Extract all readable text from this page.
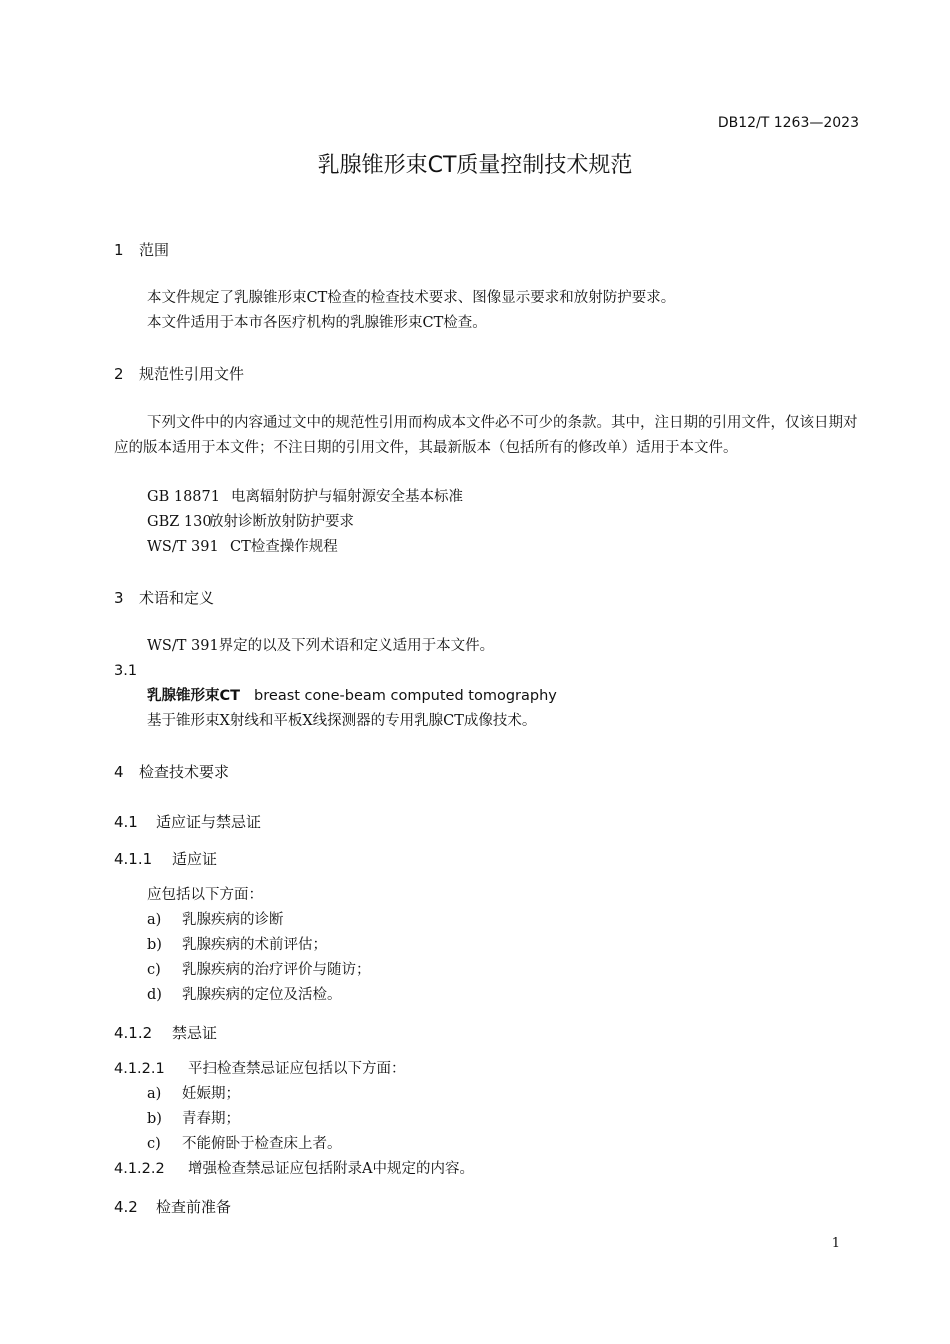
DB12/T 1263—2023
乳腺锥形束CT质量控制技术规范
1 范围
本文件规定了乳腺锥形束CT检查的检查技术要求、图像显示要求和放射防护要求。
本文件适用于本市各医疗机构的乳腺锥形束CT检查。
2 规范性引用文件
下列文件中的内容通过文中的规范性引用而构成本文件必不可少的条款。其中，注日期的引用文件，仅该日期对应的版本适用于本文件；不注日期的引用文件，其最新版本（包括所有的修改单）适用于本文件。
GB 18871 电离辐射防护与辐射源安全基本标准
GBZ 130放射诊断放射防护要求
WS/T 391 CT检查操作规程
3 术语和定义
WS/T 391界定的以及下列术语和定义适用于本文件。
3.1
乳腺锥形束CT breast cone-beam computed tomography
基于锥形束X射线和平板X线探测器的专用乳腺CT成像技术。
4 检查技术要求
4.1 适应证与禁忌证
4.1.1 适应证
应包括以下方面：
a) 乳腺疾病的诊断
b) 乳腺疾病的术前评估；
c) 乳腺疾病的治疗评价与随访；
d) 乳腺疾病的定位及活检。
4.1.2 禁忌证
4.1.2.1 平扫检查禁忌证应包括以下方面：
a) 妊娠期；
b) 青春期；
c) 不能俯卧于检查床上者。
4.1.2.2 增强检查禁忌证应包括附录A中规定的内容。
4.2 检查前准备
1
